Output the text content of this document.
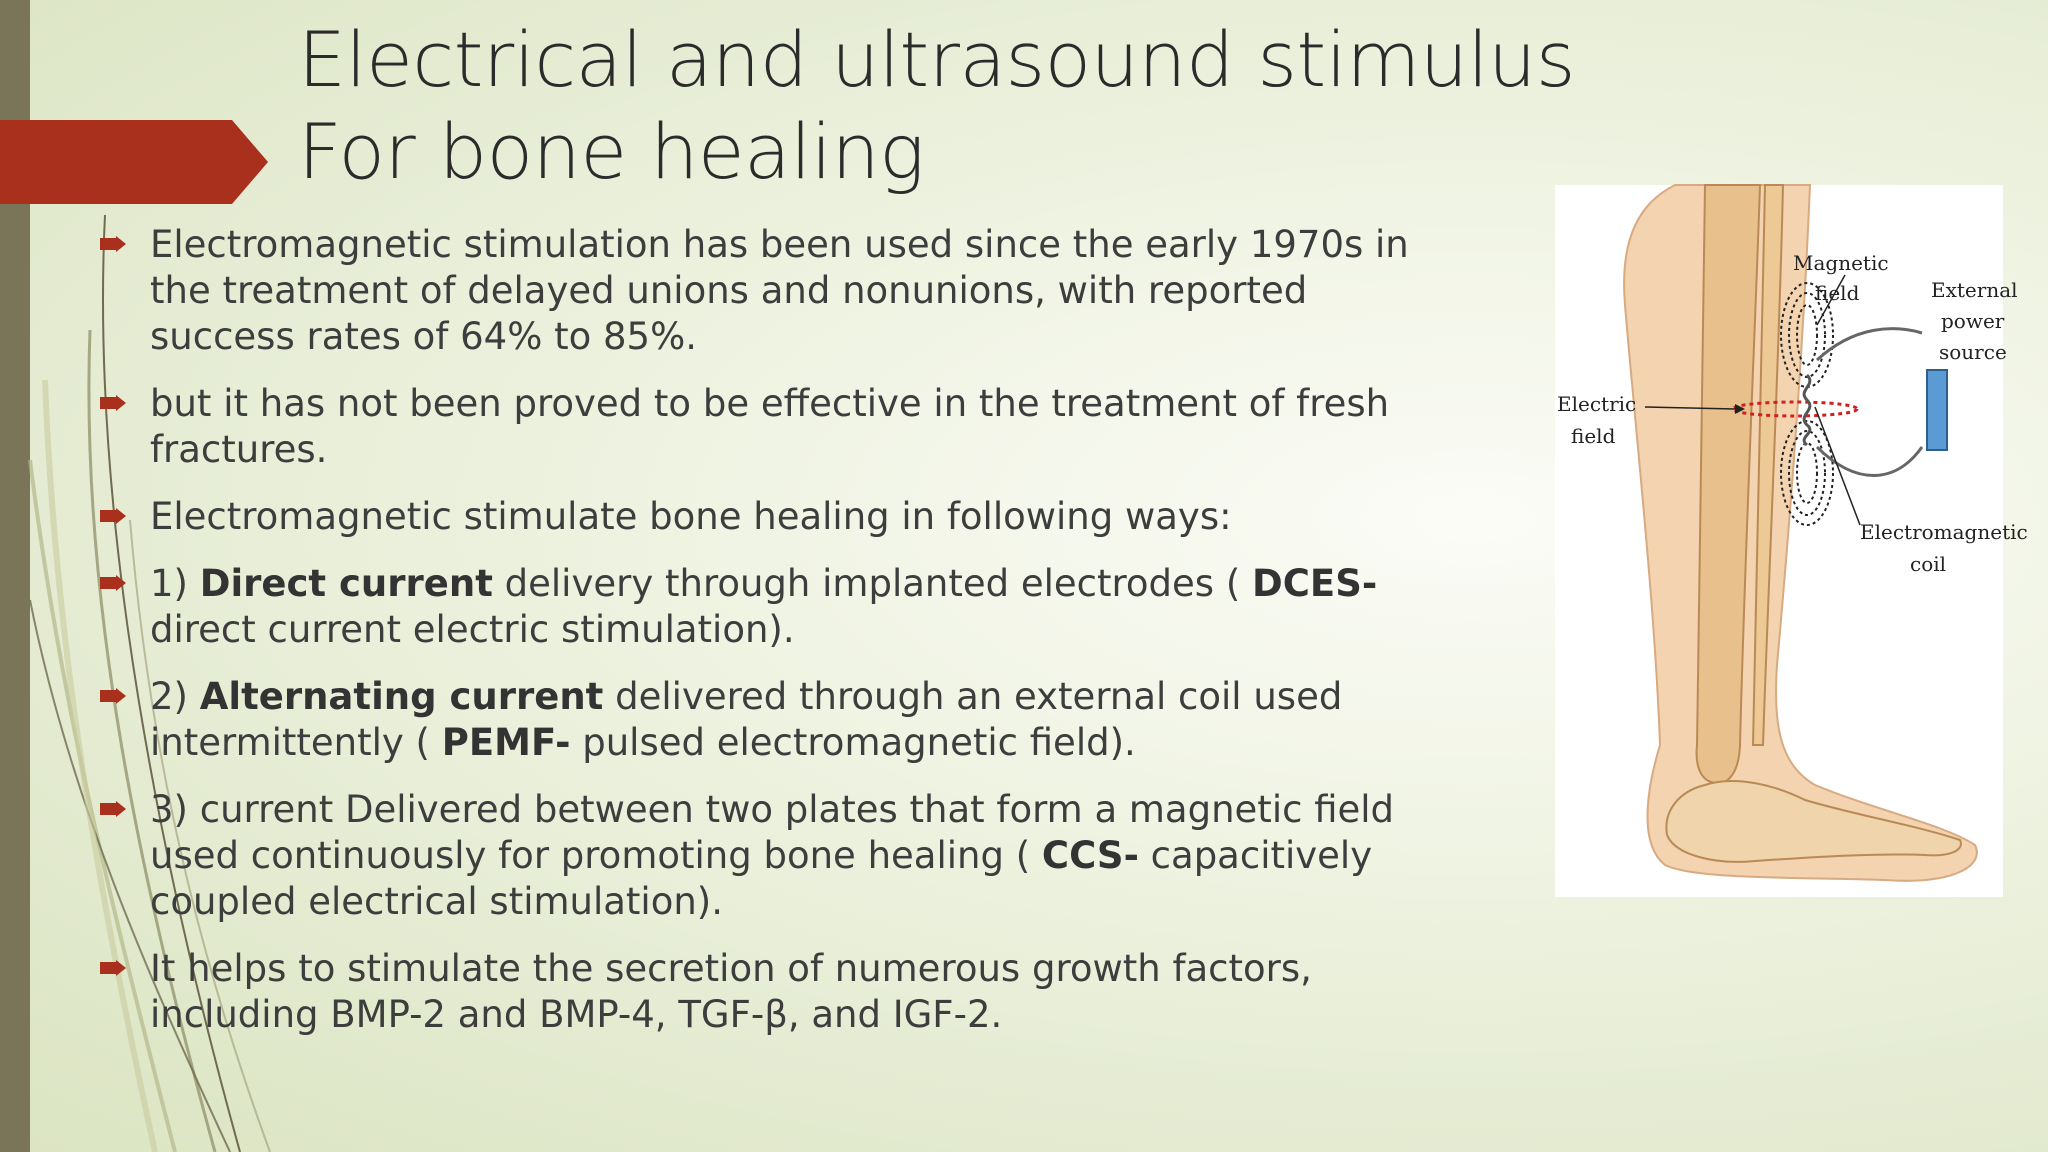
Electrical and ultrasound stimulus For bone healing
Electromagnetic stimulation has been used since the early 1970s in the treatment of delayed unions and nonunions, with reported success rates of 64% to 85%.
but it has not been proved to be effective in the treatment of fresh fractures.
Electromagnetic stimulate bone healing in following ways:
1) Direct current delivery through implanted electrodes ( DCES- direct current electric stimulation).
2) Alternating current delivered through an external coil used intermittently ( PEMF- pulsed electromagnetic field).
3) current Delivered between two plates that form a magnetic field used continuously for promoting bone healing ( CCS- capacitively coupled electrical stimulation).
It helps to stimulate the secretion of numerous growth factors, including BMP-2 and BMP-4, TGF-β, and IGF-2.
Magnetic
field	External
power
source
Electric
field
Electromagnetic
coil
